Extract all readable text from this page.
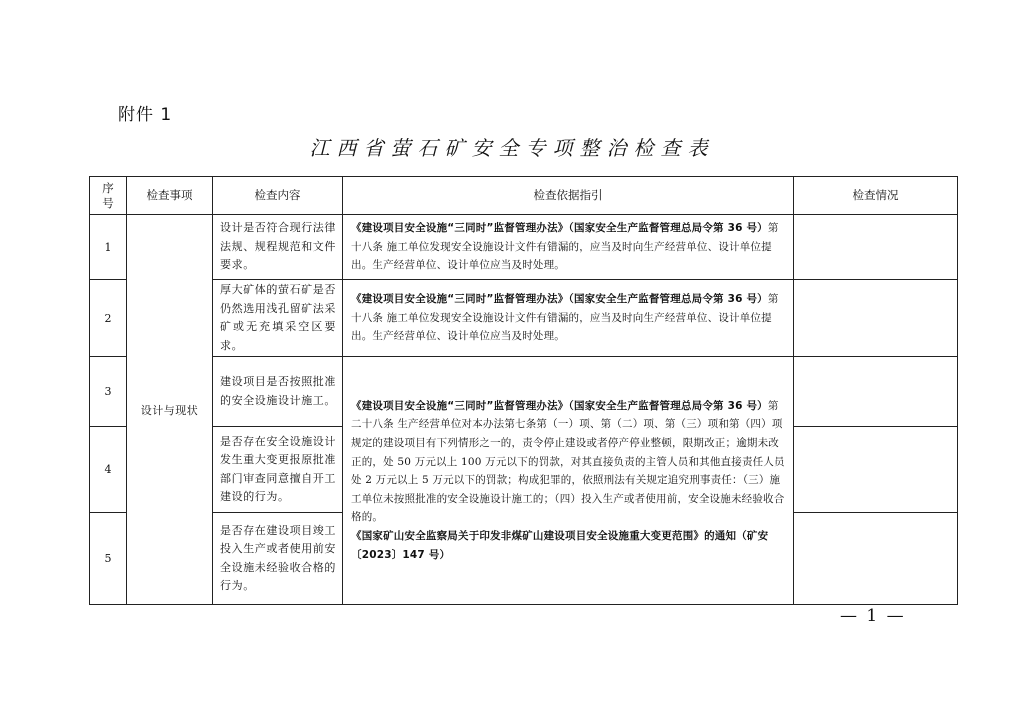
附件 1
江西省萤石矿安全专项整治检查表
序号	检查事项	检查内容	检查依据指引	检查情况
1	设计与现状	设计是否符合现行法律法规、规程规范和文件要求。	《建设项目安全设施“三同时”监督管理办法》（国家安全生产监督管理总局令第 36 号）第十八条 施工单位发现安全设施设计文件有错漏的，应当及时向生产经营单位、设计单位提出。生产经营单位、设计单位应当及时处理。	
2		厚大矿体的萤石矿是否仍然选用浅孔留矿法采矿或无充填采空区要求。	《建设项目安全设施“三同时”监督管理办法》（国家安全生产监督管理总局令第 36 号）第十八条 施工单位发现安全设施设计文件有错漏的，应当及时向生产经营单位、设计单位提出。生产经营单位、设计单位应当及时处理。	
3		建设项目是否按照批准的安全设施设计施工。	《建设项目安全设施“三同时”监督管理办法》（国家安全生产监督管理总局令第 36 号）第二十八条 生产经营单位对本办法第七条第（一）项、第（二）项、第（三）项和第（四）项规定的建设项目有下列情形之一的，责令停止建设或者停产停业整顿，限期改正；逾期未改正的，处 50 万元以上 100 万元以下的罚款，对其直接负责的主管人员和其他直接责任人员处 2 万元以上 5 万元以下的罚款；构成犯罪的，依照刑法有关规定追究刑事责任：（三）施工单位未按照批准的安全设施设计施工的；（四）投入生产或者使用前，安全设施未经验收合格的。
《国家矿山安全监察局关于印发非煤矿山建设项目安全设施重大变更范围》的通知（矿安〔2023〕147 号）	
4		是否存在安全设施设计发生重大变更报原批准部门审查同意擅自开工建设的行为。		
5		是否存在建设项目竣工投入生产或者使用前安全设施未经验收合格的行为。		
— 1 —
